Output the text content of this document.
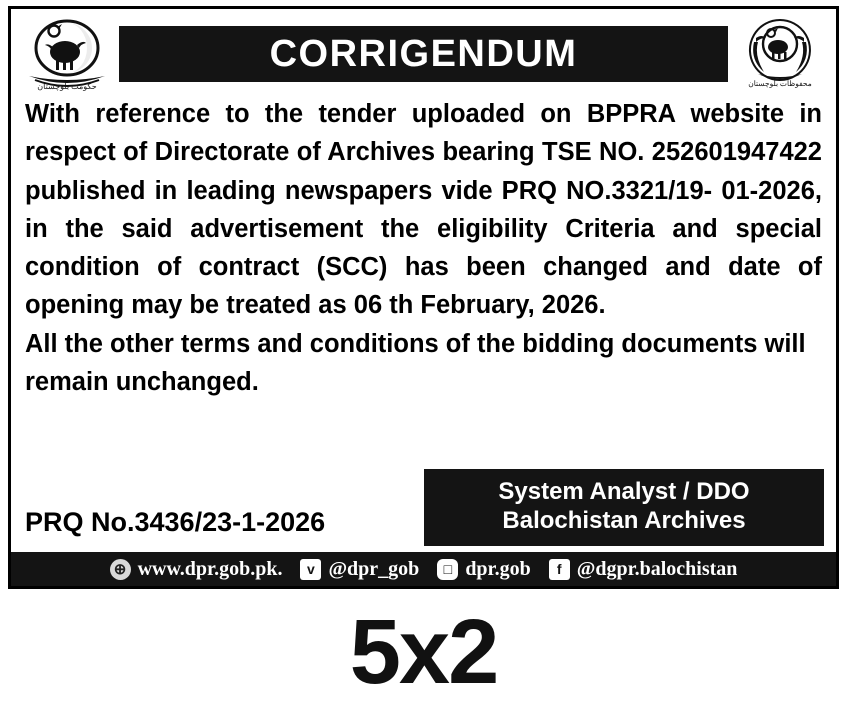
حكومت بلوچستان
CORRIGENDUM
محفوظات بلوچستان

With reference to the tender uploaded on BPPRA website in respect of Directorate of Archives bearing TSE NO. 252601947422 published in leading newspapers vide PRQ NO.3321/19- 01-2026, in the said advertisement the eligibility Criteria and special condition of contract (SCC) has been changed and date of opening may be treated as 06 th February, 2026.

All the other terms and conditions of the bidding documents will remain unchanged.

PRQ No.3436/23-1-2026
System Analyst / DDO
Balochistan Archives
⊕ www.dpr.gob.pk.	ᴠ @dpr_gob	□ dpr.gob	f @dgpr.balochistan
5x2
